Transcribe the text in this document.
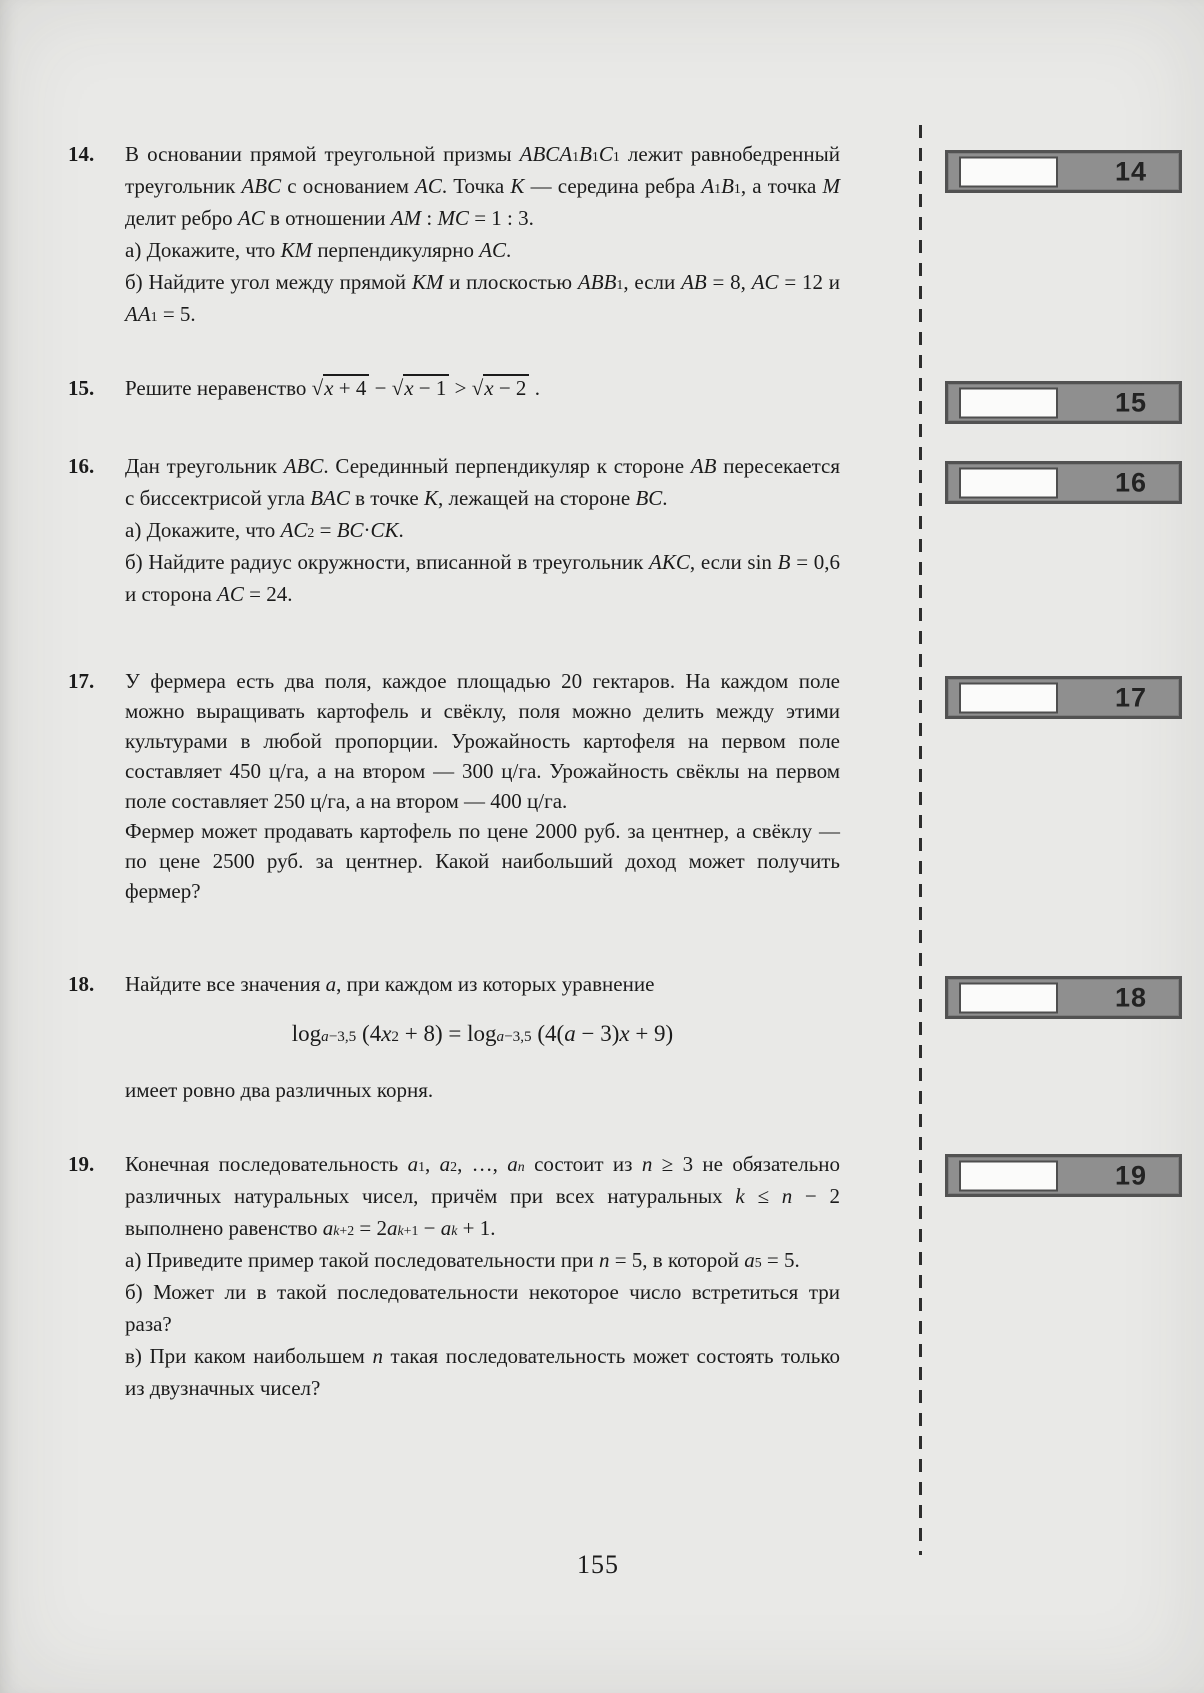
14.	В основании прямой треугольной призмы $ABCA_1B_1C_1$ лежит равнобедренный треугольник ABC с основанием AC. Точка K — середина ребра $A_1B_1$, а точка M делит ребро AC в отношении AM : MC = 1 : 3.

а) Докажите, что KM перпендикулярно AC.

б) Найдите угол между прямой KM и плоскостью $ABB_1$, если AB = 8, AC = 12 и $AA_1 = 5$.

15.	Решите неравенство √x + 4 − √x − 1 > √x − 2 .

16.	Дан треугольник ABC. Серединный перпендикуляр к стороне AB пересекается с биссектрисой угла BAC в точке K, лежащей на стороне BC.

а) Докажите, что $AC^2 = BC\cdot CK$.

б) Найдите радиус окружности, вписанной в треугольник AKC, если sin B = 0,6 и сторона AC = 24.

17.	У фермера есть два поля, каждое площадью 20 гектаров. На каждом поле можно выращивать картофель и свёклу, поля можно делить между этими культурами в любой пропорции. Урожайность картофеля на первом поле составляет 450 ц/га, а на втором — 300 ц/га. Урожайность свёклы на первом поле составляет 250 ц/га, а на втором — 400 ц/га.

Фермер может продавать картофель по цене 2000 руб. за центнер, а свёклу — по цене 2500 руб. за центнер. Какой наибольший доход может получить фермер?

18.	Найдите все значения a, при каждом из которых уравнение

$\log_{a-3,5} (4x^2 + 8) = \log_{a-3,5} (4(a - 3)x + 9)$

имеет ровно два различных корня.

19.	Конечная последовательность $a_1$, $a_2$, …, $a_n$ состоит из n ≥ 3 не обязательно различных натуральных чисел, причём при всех натуральных k ≤ n − 2 выполнено равенство $a_{k+2} = 2a_{k+1} - a_k + 1$.

а) Приведите пример такой последовательности при n = 5, в которой $a_5 = 5$.

б) Может ли в такой последовательности некоторое число встретиться три раза?

в) При каком наибольшем n такая последовательность может состоять только из двузначных чисел?

14
15
16
17
18
19
155
